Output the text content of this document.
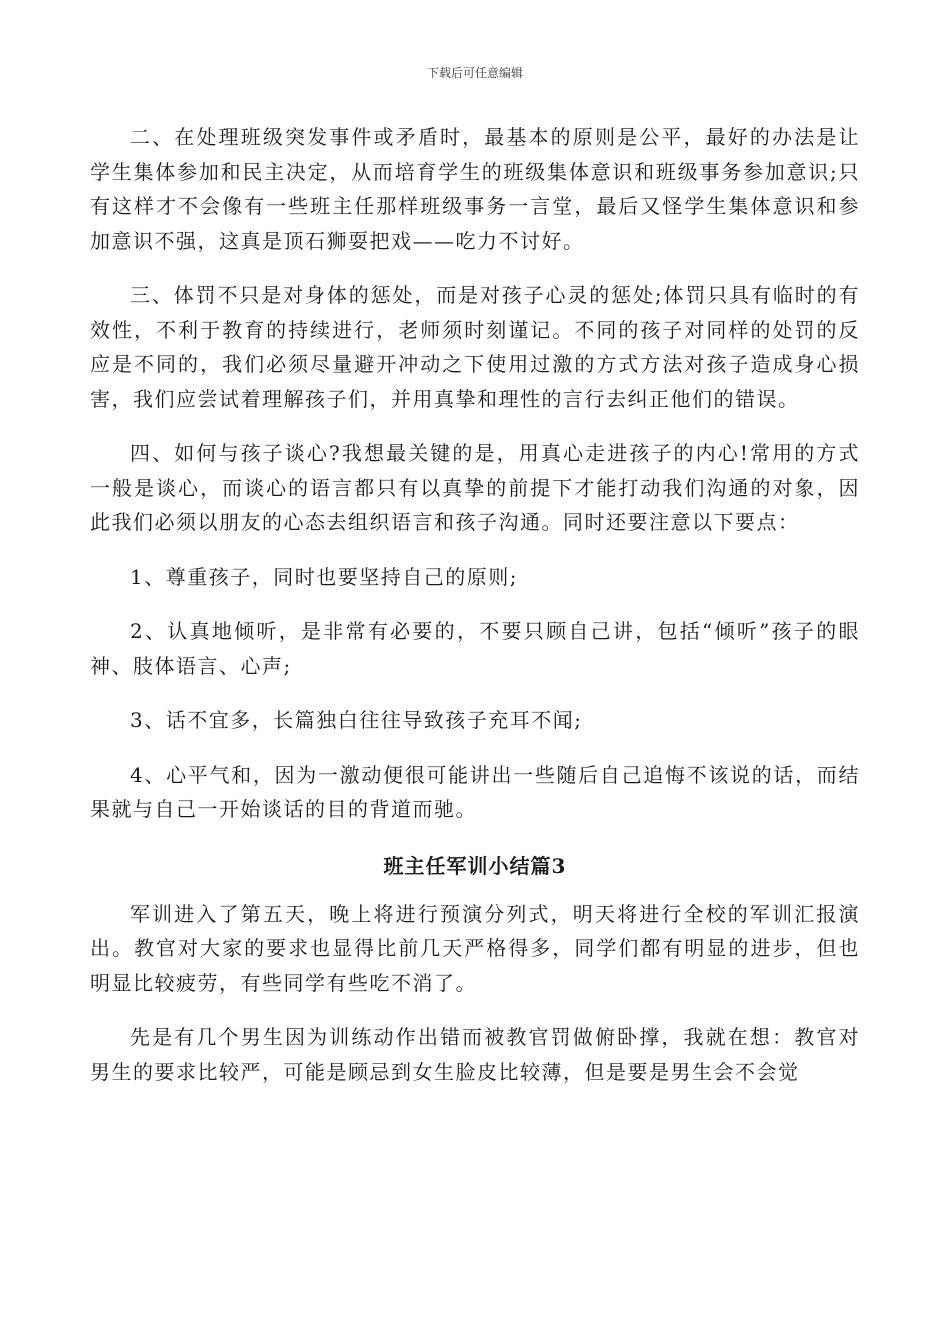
下载后可任意编辑

二、在处理班级突发事件或矛盾时，最基本的原则是公平，最好的办法是让学生集体参加和民主决定，从而培育学生的班级集体意识和班级事务参加意识;只有这样才不会像有一些班主任那样班级事务一言堂，最后又怪学生集体意识和参加意识不强，这真是顶石狮耍把戏——吃力不讨好。

三、体罚不只是对身体的惩处，而是对孩子心灵的惩处;体罚只具有临时的有效性，不利于教育的持续进行，老师须时刻谨记。不同的孩子对同样的处罚的反应是不同的，我们必须尽量避开冲动之下使用过激的方式方法对孩子造成身心损害，我们应尝试着理解孩子们，并用真挚和理性的言行去纠正他们的错误。

四、如何与孩子谈心?我想最关键的是，用真心走进孩子的内心!常用的方式一般是谈心，而谈心的语言都只有以真挚的前提下才能打动我们沟通的对象，因此我们必须以朋友的心态去组织语言和孩子沟通。同时还要注意以下要点：

1、尊重孩子，同时也要坚持自己的原则;

2、认真地倾听，是非常有必要的，不要只顾自己讲，包括“倾听”孩子的眼神、肢体语言、心声;

3、话不宜多，长篇独白往往导致孩子充耳不闻;

4、心平气和，因为一激动便很可能讲出一些随后自己追悔不该说的话，而结果就与自己一开始谈话的目的背道而驰。

班主任军训小结篇3

军训进入了第五天，晚上将进行预演分列式，明天将进行全校的军训汇报演出。教官对大家的要求也显得比前几天严格得多，同学们都有明显的进步，但也明显比较疲劳，有些同学有些吃不消了。

先是有几个男生因为训练动作出错而被教官罚做俯卧撑，我就在想：教官对男生的要求比较严，可能是顾忌到女生脸皮比较薄，但是要是男生会不会觉
